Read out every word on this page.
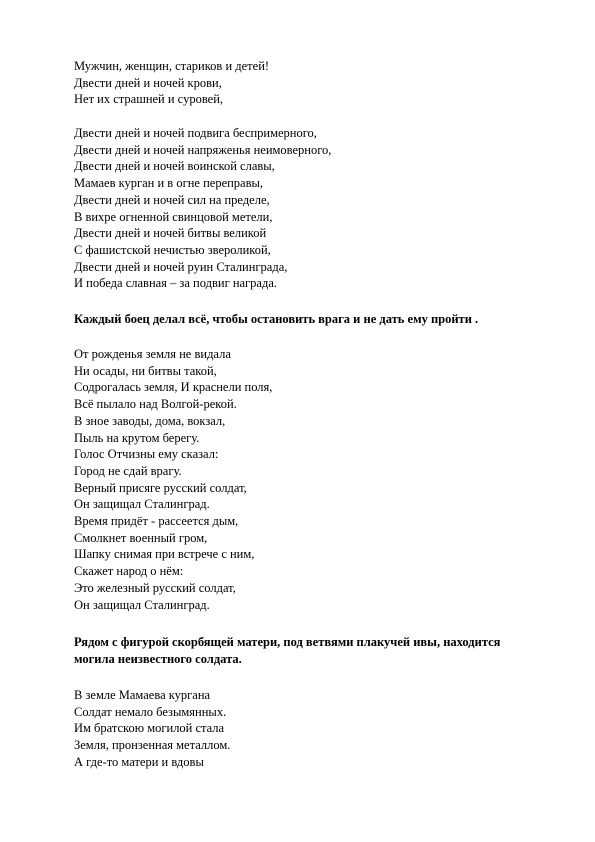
Мужчин, женщин, стариков и детей!
Двести дней и ночей крови,
Нет их страшней и суровей,
Двести дней и ночей подвига беспримерного,
Двести дней и ночей напряженья неимоверного,
Двести дней и ночей воинской славы,
Мамаев курган и в огне переправы,
Двести дней и ночей сил на пределе,
В вихре огненной свинцовой метели,
Двести дней и ночей битвы великой
С фашистской нечистью звероликой,
Двести дней и ночей руин Сталинграда,
И победа славная – за подвиг награда.

Каждый боец делал всё, чтобы остановить врага и не дать ему пройти .

От рожденья земля не видала
Ни осады, ни битвы такой,
Содрогалась земля, И краснели поля,
Всё пылало над Волгой-рекой.
В зное заводы, дома, вокзал,
Пыль на крутом берегу.
Голос Отчизны ему сказал:
Город не сдай врагу.
Верный присяге русский солдат,
Он защищал Сталинград.
Время придёт - рассеется дым,
Смолкнет военный гром,
Шапку снимая при встрече с ним,
Скажет народ о нём:
Это железный русский солдат,
Он защищал Сталинград.
Рядом с фигурой скорбящей матери, под ветвями плакучей ивы, находится
могила неизвестного солдата.
В земле Мамаева кургана
Солдат немало безымянных.
Им братскою могилой стала
Земля, пронзенная металлом.
А где-то матери и вдовы
